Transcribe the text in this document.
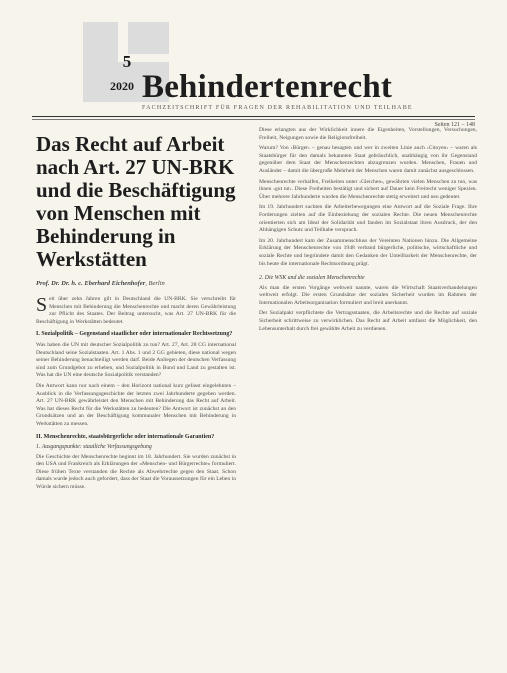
5
2020 Behindertenrecht
FACHZEITSCHRIFT FÜR FRAGEN DER REHABILITATION UND TEILHABE
Seiten 121 – 148
Das Recht auf Arbeit nach Art. 27 UN-BRK und die Beschäftigung von Menschen mit Behinderung in Werkstätten
Prof. Dr. Dr. h. c. Eberhard Eichenhofer, Berlin

Seit über zehn Jahren gilt in Deutschland die UN-BRK. Sie verschreibt für Menschen mit Behinderung die Menschenrechte und macht deren Gewährleistung zur Pflicht des Staates. Der Beitrag untersucht, was Art. 27 UN-BRK für die Beschäftigung in Werkstätten bedeutet.

I. Sozialpolitik – Gegenstand staatlicher oder internationaler Rechtssetzung?

Was haben die UN mit deutscher Sozialpolitik zu tun? Art. 27, Art. 28 CG international Deutschland seine Sozialstaaten. Art. 1 Abs. 1 und 2 GG gebieten, diese national wegen seiner Behinderung benachteiligt werden darf. Beide Anliegen der deutschen Verfassung sind zum Grundgebot zu erheben, und Sozialpolitik in Bund und Land zu gestalten ist. Was hat die UN eine deutsche Sozialpolitik verstanden?

Die Antwort kann nur nach einem – den Horizont national kurz gefasst eingelehnten – Ausblick in die Verfassungsgeschichte der letzten zwei Jahrhunderte gegeben werden. Art. 27 UN-BRK gewährleistet den Menschen mit Behinderung das Recht auf Arbeit. Was hat dieses Recht für die Werkstätten zu bedeuten? Die Antwort ist zunächst an den Grundsätzen und an der Beschäftigung kommunaler Menschen mit Behinderung in Werkstätten zu messen.

II. Menschenrechte, staatsbürgerliche oder internationale Garantien?
1. Ausgangspunkte: staatliche Verfassungsgebung

Die Geschichte der Menschenrechte beginnt im 18. Jahrhundert. Sie wurden zunächst in den USA und Frankreich als Erklärungen der »Menschen- und Bürgerrechte« formuliert. Diese frühen Texte verstanden die Rechte als Abwehrrechte gegen den Staat. Schon damals wurde jedoch auch gefordert, dass der Staat die Voraussetzungen für ein Leben in Würde sichern müsse.

Diese erlangten aus der Wirklichkeit innere die Eigenheiten, Vorstellungen, Versuchungen, Freiheit, Neigungen sowie die Religionsfreiheit.

Warum? Von ›Bürger‹ – genau besagten und wer in zweiten Linie auch ›Citoyen‹ – waren als Staatsbürger für den damals bekannten Staat gebräuchlich, unabhängig von ihr Gegenstand gegenüber dem Staat der Menschenrechten abzugrenzen wurden. Menschen, Frauen und Ausländer – damit die übergroße Mehrheit der Menschen waren damit zunächst ausgeschlossen.

Menschenrechte verhalfen, Freiheiten unter ›Gleichen‹, gewährten vielen Menschen zu tun, was ihnen ›gut tut‹. Diese Freiheiten bestätigt und sichert auf Dauer kein Freirecht weniger Spezien. Über mehrere Jahrhunderte wurden die Menschenrechte stetig erweitert und neu gedeutet.

Im 19. Jahrhundert suchten die Arbeiterbewegungen eine Antwort auf die Soziale Frage. Ihre Forderungen zielten auf die Einbeziehung der sozialen Rechte. Die neuen Menschenrechte orientierten sich am Ideal der Solidarität und fanden im Sozialstaat ihren Ausdruck, der den Abhängigen Schutz und Teilhabe versprach.

Im 20. Jahrhundert kam der Zusammenschluss der Vereinten Nationen hinzu. Die Allgemeine Erklärung der Menschenrechte von 1948 verband bürgerliche, politische, wirtschaftliche und soziale Rechte und begründete damit den Gedanken der Unteilbarkeit der Menschenrechte, der bis heute die internationale Rechtsordnung prägt.

2. Die WSK und die sozialen Menschenrechte

Als man die ersten Vorgänge weltweit nannte, waren die Wirtschaft Staatsverhandelungen weltweit erfolgt. Die ersten Grundsätze der sozialen Sicherheit wurden im Rahmen der Internationalen Arbeitsorganisation formuliert und breit anerkannt.

Der Sozialpakt verpflichtete die Vertragsstaaten, die Arbeitsrechte und die Rechte auf soziale Sicherheit schrittweise zu verwirklichen. Das Recht auf Arbeit umfasst die Möglichkeit, den Lebensunterhalt durch frei gewählte Arbeit zu verdienen.
